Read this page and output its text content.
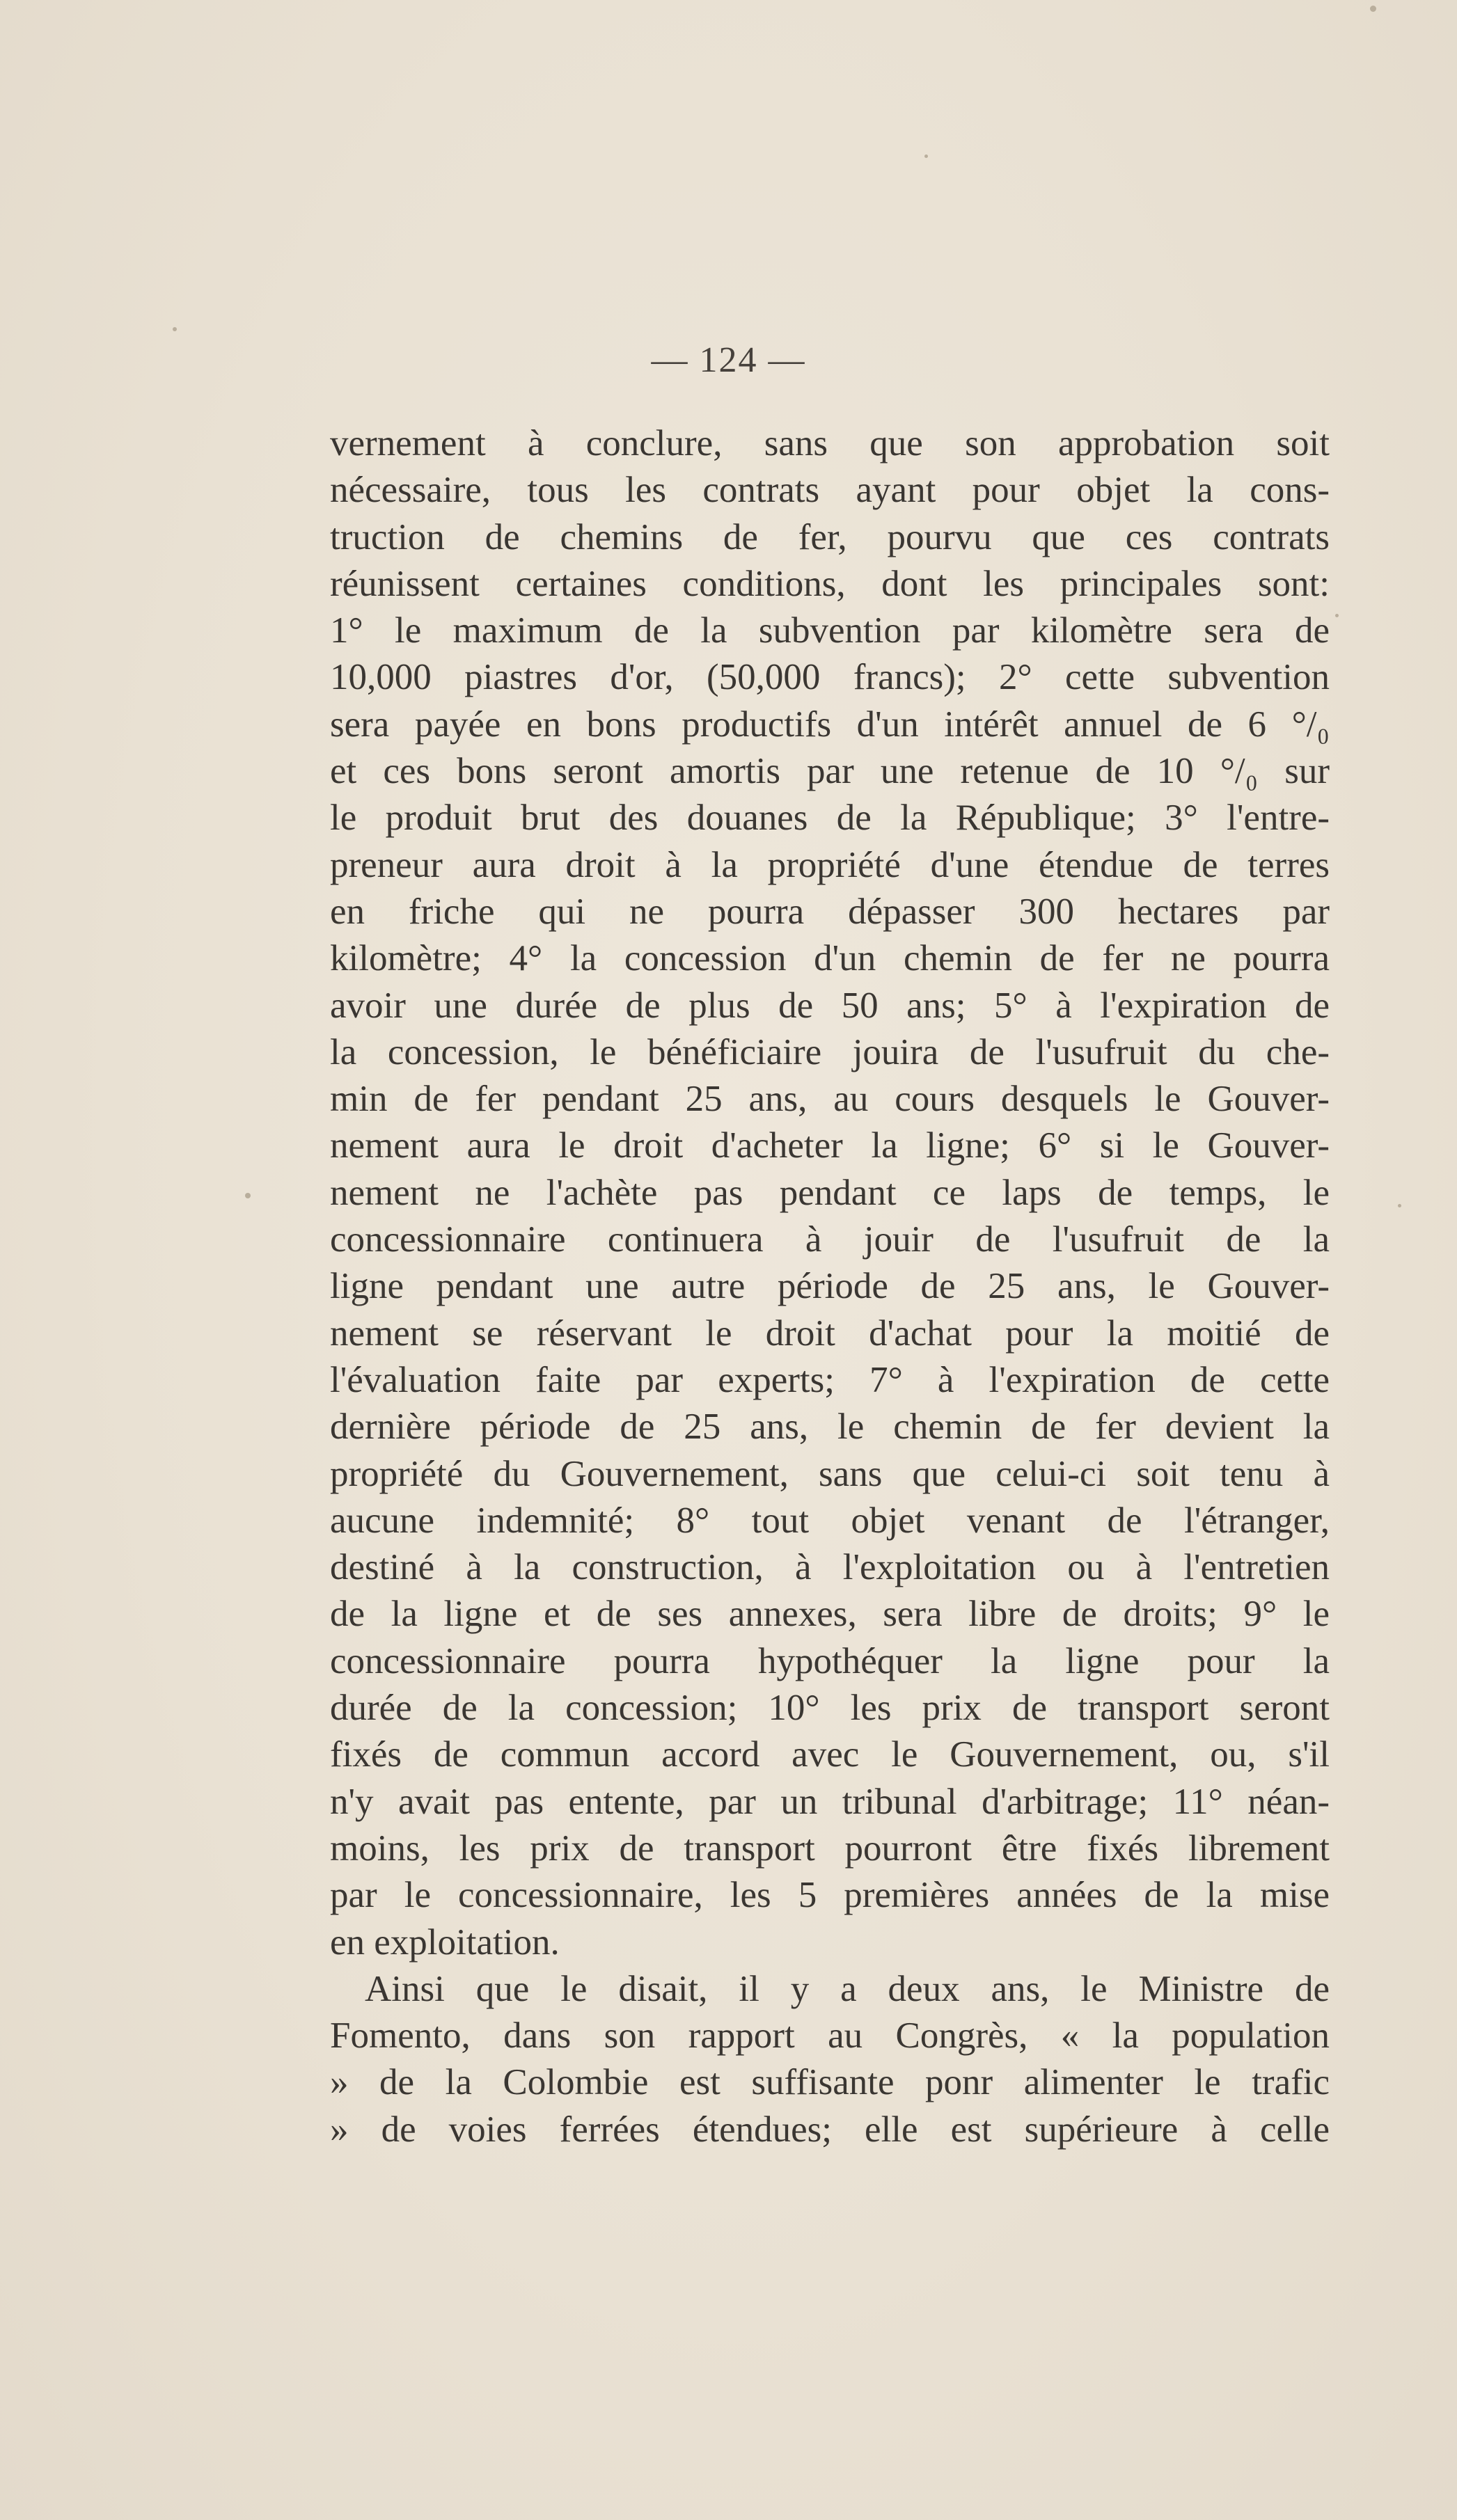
— 124 —
vernement à conclure, sans que son approbation soit
nécessaire, tous les contrats ayant pour objet la cons-
truction de chemins de fer, pourvu que ces contrats
réunissent certaines conditions, dont les principales sont:
1° le maximum de la subvention par kilomètre sera de
10,000 piastres d'or, (50,000 francs); 2° cette subvention
sera payée en bons productifs d'un intérêt annuel de 6 °/₀
et ces bons seront amortis par une retenue de 10 °/₀ sur
le produit brut des douanes de la République; 3° l'entre-
preneur aura droit à la propriété d'une étendue de terres
en friche qui ne pourra dépasser 300 hectares par
kilomètre; 4° la concession d'un chemin de fer ne pourra
avoir une durée de plus de 50 ans; 5° à l'expiration de
la concession, le bénéficiaire jouira de l'usufruit du che-
min de fer pendant 25 ans, au cours desquels le Gouver-
nement aura le droit d'acheter la ligne; 6° si le Gouver-
nement ne l'achète pas pendant ce laps de temps, le
concessionnaire continuera à jouir de l'usufruit de la
ligne pendant une autre période de 25 ans, le Gouver-
nement se réservant le droit d'achat pour la moitié de
l'évaluation faite par experts; 7° à l'expiration de cette
dernière période de 25 ans, le chemin de fer devient la
propriété du Gouvernement, sans que celui-ci soit tenu à
aucune indemnité; 8° tout objet venant de l'étranger,
destiné à la construction, à l'exploitation ou à l'entretien
de la ligne et de ses annexes, sera libre de droits; 9° le
concessionnaire pourra hypothéquer la ligne pour la
durée de la concession; 10° les prix de transport seront
fixés de commun accord avec le Gouvernement, ou, s'il
n'y avait pas entente, par un tribunal d'arbitrage; 11° néan-
moins, les prix de transport pourront être fixés librement
par le concessionnaire, les 5 premières années de la mise
en exploitation.
Ainsi que le disait, il y a deux ans, le Ministre de
Fomento, dans son rapport au Congrès, « la population
» de la Colombie est suffisante ponr alimenter le trafic
» de voies ferrées étendues; elle est supérieure à celle
